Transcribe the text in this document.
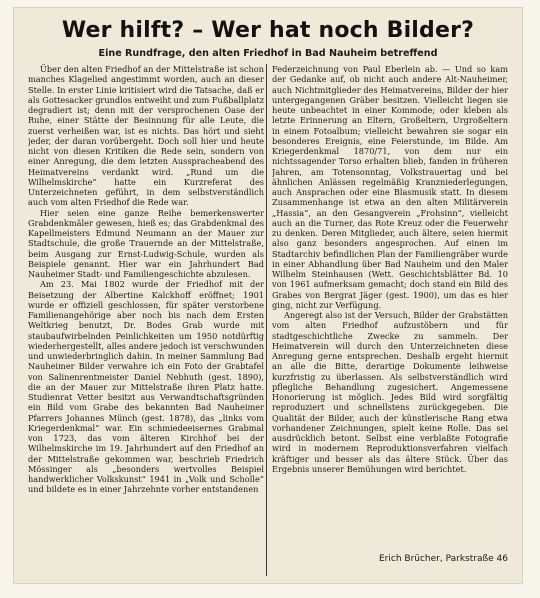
Wer hilft? – Wer hat noch Bilder?
Eine Rundfrage, den alten Friedhof in Bad Nauheim betreffend

Über den alten Friedhof an der Mittelstraße ist schon manches Klagelied angestimmt worden, auch an dieser Stelle. In erster Linie kritisiert wird die Tatsache, daß er als Gottesacker grundlos entweiht und zum Fußballplatz degradiert ist; denn mit der versprochenen Oase der Ruhe, einer Stätte der Besinnung für alle Leute, die zuerst verheißen war, ist es nichts. Das hört und sieht jeder, der daran vorübergeht. Doch soll hier und heute nicht von diesen Kritiken die Rede sein, sondern von einer Anregung, die dem letzten Ausspracheabend des Heimatvereins verdankt wird. „Rund um die Wilhelmskirche“ hatte ein Kurzreferat des Unterzeichneten geführt, in dem selbstverständlich auch vom alten Friedhof die Rede war.

Hier seien eine ganze Reihe bemerkenswerter Grabdenkmäler gewesen, hieß es; das Grabdenkmal des Kapellmeisters Edmund Neumann an der Mauer zur Stadtschule, die große Trauernde an der Mittelstraße, beim Ausgang zur Ernst-Ludwig-Schule, wurden als Beispiele genannt. Hier war ein Jahrhundert Bad Nauheimer Stadt- und Familiengeschichte abzulesen.

Am 23. Mai 1802 wurde der Friedhof mit der Beisetzung der Albertine Kalckhoff eröffnet; 1901 wurde er offiziell geschlossen, für später verstorbene Familienangehörige aber noch bis nach dem Ersten Weltkrieg benutzt, Dr. Bodes Grab wurde mit staubaufwirbelnden Peinlichkeiten um 1950 notdürftig wiederhergestellt, alles andere jedoch ist verschwunden und unwiederbringlich dahin. In meiner Sammlung Bad Nauheimer Bilder verwahre ich ein Foto der Grabtafel von Salinenrentmeister Daniel Nebhuth (gest. 1890), die an der Mauer zur Mittelstraße ihren Platz hatte. Studienrat Vetter besitzt aus Verwandtschaftsgründen ein Bild vom Grabe des bekannten Bad Nauheimer Pfarrers Johannes Münch (gest. 1878), das „links vom Kriegerdenkmal“ war. Ein schmiedeeisernes Grabmal von 1723, das vom älteren Kirchhof bei der Wilhelmskirche im 19. Jahrhundert auf den Friedhof an der Mittelstraße gekommen war, beschrieb Friedrich Mössinger als „besonders wertvolles Beispiel handwerklicher Volkskunst“ 1941 in „Volk und Scholle“ und bildete es in einer Jahrzehnte vorher entstandenen

Federzeichnung von Paul Eberlein ab. — Und so kam der Gedanke auf, ob nicht auch andere Alt-Nauheimer, auch Nichtmitglieder des Heimatvereins, Bilder der hier untergegangenen Gräber besitzen. Vielleicht liegen sie heute unbeachtet in einer Kommode; oder kleben als letzte Erinnerung an Eltern, Großeltern, Urgroßeltern in einem Fotoalbum; vielleicht bewahren sie sogar ein besonderes Ereignis, eine Feierstunde, im Bilde. Am Kriegerdenkmal 1870/71, von dem nur ein nichtssagender Torso erhalten blieb, fanden in früheren Jahren, am Totensonntag, Volkstrauertag und bei ähnlichen Anlässen regelmäßig Kranzniederlegungen, auch Ansprachen oder eine Blasmusik statt. In diesem Zusammenhange ist etwa an den alten Militärverein „Hassia“, an den Gesangverein „Frohsinn“, vielleicht auch an die Turner, das Rote Kreuz oder die Feuerwehr zu denken. Deren Mitglieder, auch ältere, seien hiermit also ganz besonders angesprochen. Auf einen im Stadtarchiv befindlichen Plan der Familiengräber wurde in einer Abhandlung über Bad Nauheim und den Maler Wilhelm Steinhausen (Wett. Geschichtsblätter Bd. 10 von 1961 aufmerksam gemacht; doch stand ein Bild des Grabes von Bergrat Jäger (gest. 1900), um das es hier ging, nicht zur Verfügung.

Angeregt also ist der Versuch, Bilder der Grabstätten vom alten Friedhof aufzustöbern und für stadtgeschichtliche Zwecke zu sammeln. Der Heimatverein will durch den Unterzeichneten diese Anregung gerne entsprechen. Deshalb ergeht hiermit an alle die Bitte, derartige Dokumente leihweise kurzfristig zu überlassen. Als selbstverständlich wird pflegliche Behandlung zugesichert. Angemessene Honorierung ist möglich. Jedes Bild wird sorgfältig reproduziert und schnellstens zurückgegeben. Die Qualität der Bilder, auch der künstlerische Rang etwa vorhandener Zeichnungen, spielt keine Rolle. Das sei ausdrücklich betont. Selbst eine verblaßte Fotografie wird in modernem Reproduktionsverfahren vielfach kräftiger und besser als das ältere Stück. Über das Ergebnis unserer Bemühungen wird berichtet.

Erich Brücher, Parkstraße 46
